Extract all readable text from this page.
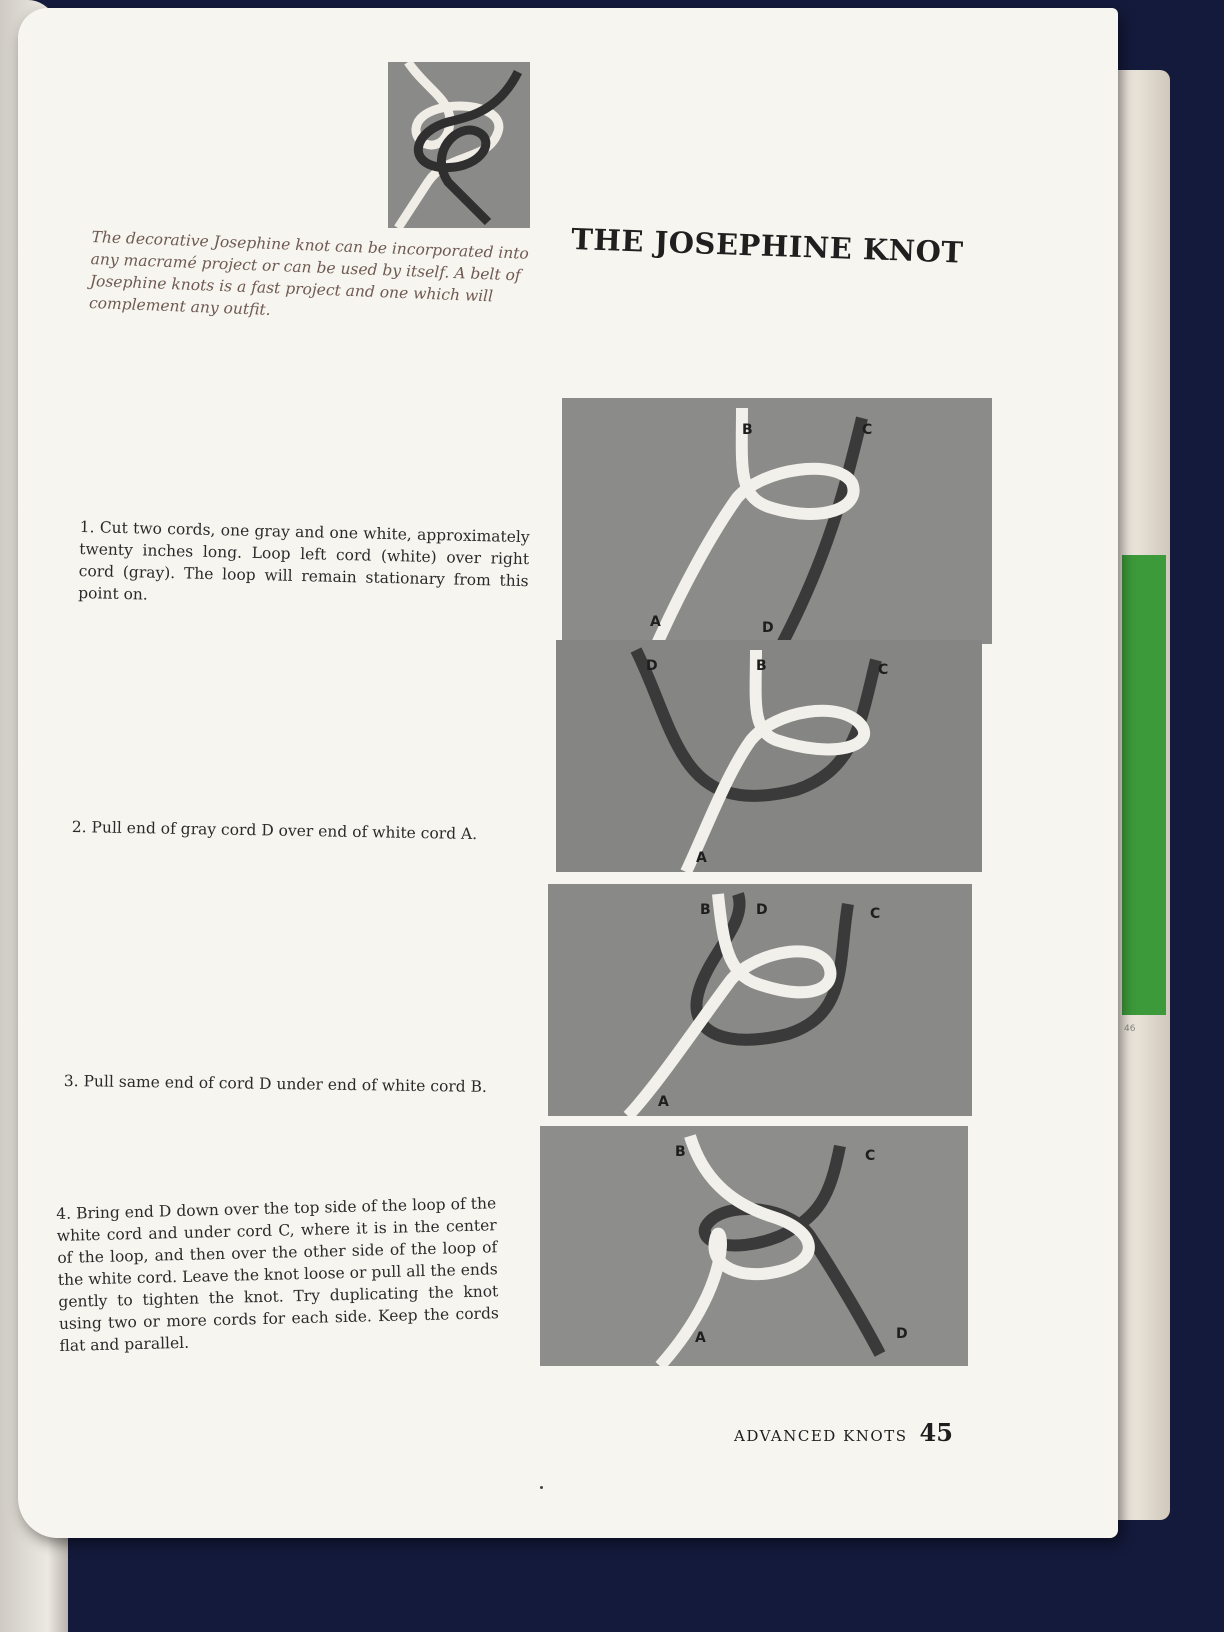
46
THE JOSEPHINE KNOT

The decorative Josephine knot can be incorporated into any macramé project or can be used by itself. A belt of Josephine knots is a fast project and one which will complement any outfit.

1. Cut two cords, one gray and one white, approximately twenty inches long. Loop left cord (white) over right cord (gray). The loop will remain stationary from this point on.

2. Pull end of gray cord D over end of white cord A.

3. Pull same end of cord D under end of white cord B.

4. Bring end D down over the top side of the loop of the white cord and under cord C, where it is in the center of the loop, and then over the other side of the loop of the white cord. Leave the knot loose or pull all the ends gently to tighten the knot. Try duplicating the knot using two or more cords for each side. Keep the cords flat and parallel.

B	C
A	D
D	B	C
A
B	D	C
A
B	C
A	D
ADVANCED KNOTS 45
